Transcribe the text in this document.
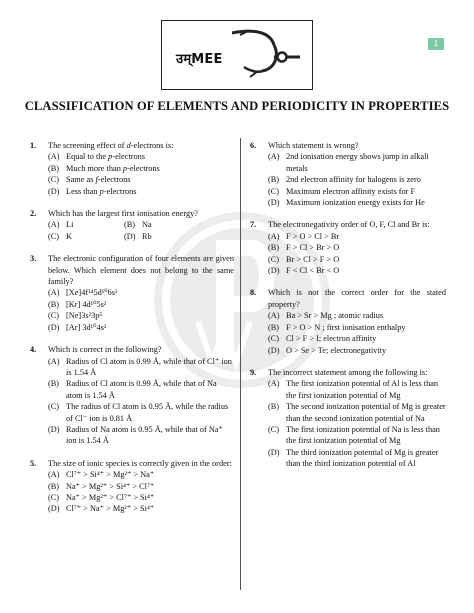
1
उम्MEE
CLASSIFICATION OF ELEMENTS AND PERIODICITY IN PROPERTIES
1. The screening effect of d-electrons is:
(A) Equal to the p-electrons
(B) Much more than p-electrons
(C) Same as f-electrons
(D) Less than p-electrons
2. Which has the largest first ionisation energy?
(A) Li	(B) Na
(C) K	(D) Rb
3. The electronic configuration of four elements are given below. Which element does not belong to the same family?
(A) [Xe]4f¹⁴5d¹⁰6s²
(B) [Kr] 4d¹⁰5s²
(C) [Ne]3s²3p⁵
(D) [Ar] 3d¹⁰4s²
4. Which is correct in the following?
(A) Radius of Cl atom is 0.99 Å, while that of Cl⁺ ion is 1.54 Å
(B) Radius of Cl atom is 0.99 Å, while that of Na atom is 1.54 Å
(C) The radius of Cl atom is 0.95 Å, while the radius of Cl⁻ ion is 0.81 Å
(D) Radius of Na atom is 0.95 Å, while that of Na⁺ ion is 1.54 Å
5. The size of ionic species is correctly given in the order:
(A) Cl⁷⁺ > Si⁴⁺ > Mg²⁺ > Na⁺
(B) Na⁺ > Mg²⁺ > Si⁴⁺ > Cl⁷⁺
(C) Na⁺ > Mg²⁺ > Cl⁷⁺ > Si⁴⁺
(D) Cl⁷⁺ > Na⁺ > Mg²⁺ > Si⁴⁺
6. Which statement is wrong?
(A) 2nd ionisation energy shows jump in alkali metals
(B) 2nd electron affinity for halogens is zero
(C) Maximum electron affinity exists for F
(D) Maximum ionization energy exists for He
7. The electronegativity order of O, F, Cl and Br is:
(A) F > O > Cl > Br
(B) F > Cl > Br > O
(C) Br > Cl > F > O
(D) F < Cl < Br < O
8. Which is not the correct order for the stated property?
(A) Ba > Sr > Mg ; atomic radius
(B) F > O > N ; first ionisation enthalpy
(C) Cl > F > I; electron affinity
(D) O > Se > Te; electronegativity
9. The incorrect statement among the following is:
(A) The first ionization potential of Al is less than the first ionization potential of Mg
(B) The second ionization potential of Mg is greater than the second ionization potential of Na
(C) The first ionization potential of Na is less than the first ionization potential of Mg
(D) The third ionization potential of Mg is greater than the third ionization potential of Al
